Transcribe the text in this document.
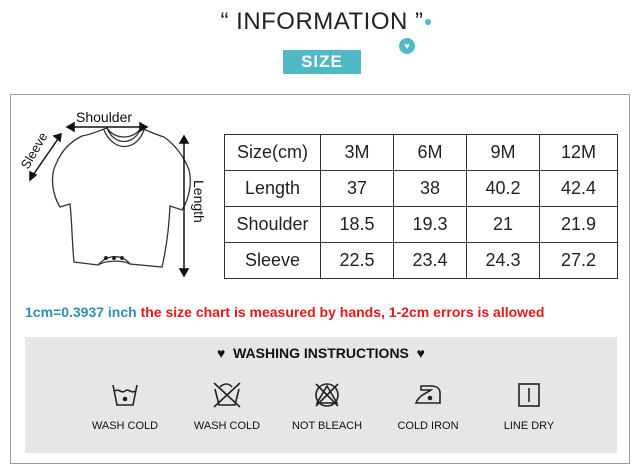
“ INFORMATION ”
♥
SIZE
Shoulder
Sleeve
Length
Size(cm)	3M	6M	9M	12M
Length	37	38	40.2	42.4
Shoulder	18.5	19.3	21	21.9
Sleeve	22.5	23.4	24.3	27.2
1cm=0.3937 inch the size chart is measured by hands, 1-2cm errors is allowed
♥ WASHING INSTRUCTIONS ♥
WASH COLD	WASH COLD	NOT BLEACH	COLD IRON	LINE DRY
